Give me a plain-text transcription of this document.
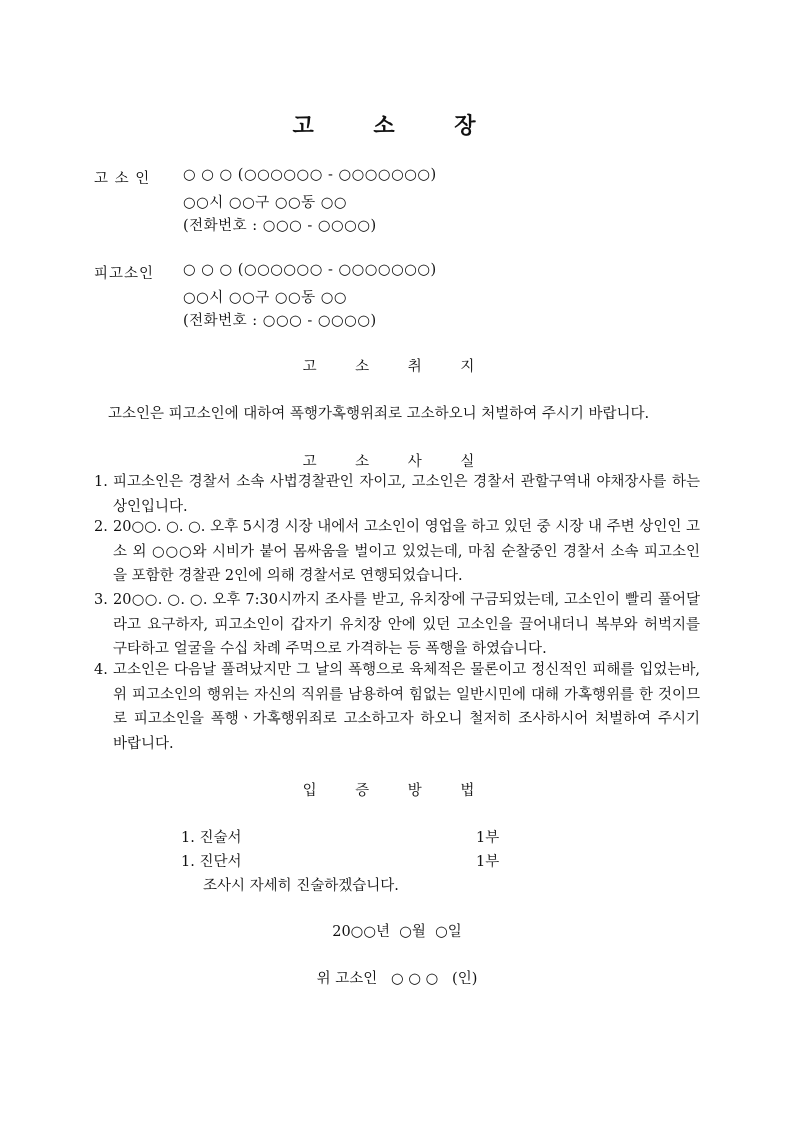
고 소 장
고 소 인 ○ ○ ○ (○○○○○○ - ○○○○○○○)
○○시 ○○구 ○○동 ○○
(전화번호 : ○○○ - ○○○○)
피고소인 ○ ○ ○ (○○○○○○ - ○○○○○○○)
○○시 ○○구 ○○동 ○○
(전화번호 : ○○○ - ○○○○)
고 소 취 지
고소인은 피고소인에 대하여 폭행가혹행위죄로 고소하오니 처벌하여 주시기 바랍니다.
고 소 사 실
1. 피고소인은 경찰서 소속 사법경찰관인 자이고, 고소인은 경찰서 관할구역내 야채장사를 하는 상인입니다.
2. 20○○. ○. ○. 오후 5시경 시장 내에서 고소인이 영업을 하고 있던 중 시장 내 주변 상인인 고소 외 ○○○와 시비가 붙어 몸싸움을 벌이고 있었는데, 마침 순찰중인 경찰서 소속 피고소인을 포함한 경찰관 2인에 의해 경찰서로 연행되었습니다.
3. 20○○. ○. ○. 오후 7:30시까지 조사를 받고, 유치장에 구금되었는데, 고소인이 빨리 풀어달라고 요구하자, 피고소인이 갑자기 유치장 안에 있던 고소인을 끌어내더니 복부와 허벅지를 구타하고 얼굴을 수십 차례 주먹으로 가격하는 등 폭행을 하였습니다.
4. 고소인은 다음날 풀려났지만 그 날의 폭행으로 육체적은 물론이고 정신적인 피해를 입었는바, 위 피고소인의 행위는 자신의 직위를 남용하여 힘없는 일반시민에 대해 가혹행위를 한 것이므로 피고소인을 폭행ㆍ가혹행위죄로 고소하고자 하오니 철저히 조사하시어 처벌하여 주시기 바랍니다.
입 증 방 법
1. 진술서	1부
1. 진단서	1부
조사시 자세히 진술하겠습니다.
20○○년  ○월  ○일
위 고소인   ○ ○ ○   (인)
